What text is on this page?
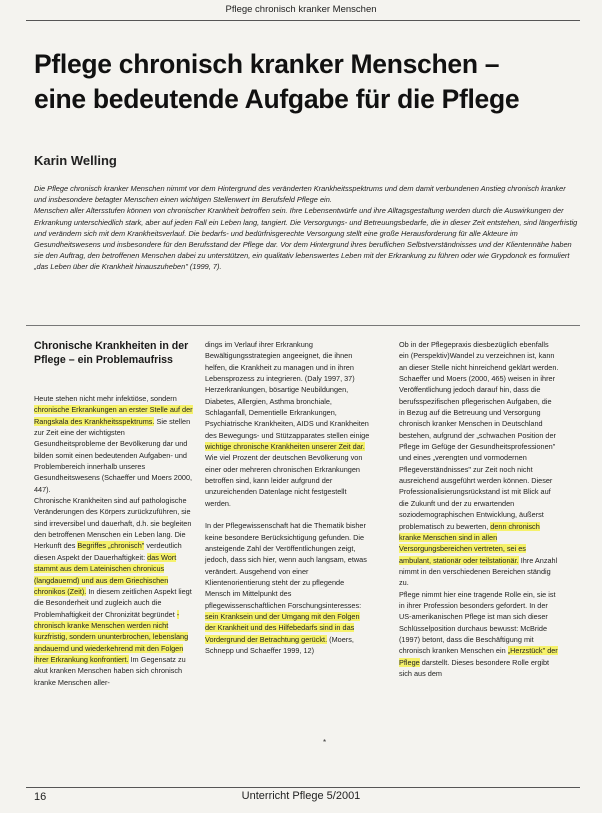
Pflege chronisch kranker Menschen
Pflege chronisch kranker Menschen –
eine bedeutende Aufgabe für die Pflege
Karin Welling

Die Pflege chronisch kranker Menschen nimmt vor dem Hintergrund des veränderten Krankheitsspektrums und dem damit verbundenen Anstieg chronisch kranker und insbesondere betagter Menschen einen wichtigen Stellenwert im Berufsfeld Pflege ein.

Menschen aller Altersstufen können von chronischer Krankheit betroffen sein. Ihre Lebensentwürfe und ihre Alltagsgestaltung werden durch die Auswirkungen der Erkrankung unterschiedlich stark, aber auf jeden Fall ein Leben lang, tangiert. Die Versorgungs- und Betreuungsbedarfe, die in dieser Zeit entstehen, sind längerfristig und verändern sich mit dem Krankheitsverlauf. Die bedarfs- und bedürfnisgerechte Versorgung stellt eine große Herausforderung für alle Akteure im Gesundheitswesens und insbesondere für den Berufsstand der Pflege dar. Vor dem Hintergrund ihres beruflichen Selbstverständnisses und der Klientennähe haben sie den Auftrag, den betroffenen Menschen dabei zu unterstützen, ein qualitativ lebenswertes Leben mit der Erkrankung zu führen oder wie Grypdonck es formuliert „das Leben über die Krankheit hinauszuheben" (1999, 7).

Chronische Krankheiten in der Pflege – ein Problemaufriss

Heute stehen nicht mehr infektiöse, sondern chronische Erkrankungen an erster Stelle auf der Rangskala des Krankheitsspektrums. Sie stellen zur Zeit eine der wichtigsten Gesundheitsprobleme der Bevölkerung dar und bilden somit einen bedeutenden Aufgaben- und Problembereich innerhalb unseres Gesundheitswesens (Schaeffer und Moers 2000, 447).

Chronische Krankheiten sind auf pathologische Veränderungen des Körpers zurückzuführen, sie sind irreversibel und dauerhaft, d.h. sie begleiten den betroffenen Menschen ein Leben lang. Die Herkunft des Begriffes „chronisch" verdeutlich diesen Aspekt der Dauerhaftigkeit: das Wort stammt aus dem Lateinischen chronicus (langdauernd) und aus dem Griechischen chronikos (Zeit). In diesem zeitlichen Aspekt liegt die Besonderheit und zugleich auch die Problemhaftigkeit der Chronizität begründet - chronisch kranke Menschen werden nicht kurzfristig, sondern ununterbrochen, lebenslang andauernd und wiederkehrend mit den Folgen ihrer Erkrankung konfrontiert. Im Gegensatz zu akut kranken Menschen haben sich chronisch kranke Menschen aller-

dings im Verlauf ihrer Erkrankung Bewältigungsstrategien angeeignet, die ihnen helfen, die Krankheit zu managen und in ihren Lebensprozess zu integrieren. (Daly 1997, 37)

Herzerkrankungen, bösartige Neubildungen, Diabetes, Allergien, Asthma bronchiale, Schlaganfall, Dementielle Erkrankungen, Psychiatrische Krankheiten, AIDS und Krankheiten des Bewegungs- und Stützapparates stellen einige wichtige chronische Krankheiten unserer Zeit dar. Wie viel Prozent der deutschen Bevölkerung von einer oder mehreren chronischen Erkrankungen betroffen sind, kann leider aufgrund der unzureichenden Datenlage nicht festgestellt werden.

In der Pflegewissenschaft hat die Thematik bisher keine besondere Berücksichtigung gefunden. Die ansteigende Zahl der Veröffentlichungen zeigt, jedoch, dass sich hier, wenn auch langsam, etwas verändert. Ausgehend von einer Klientenorientierung steht der zu pflegende Mensch im Mittelpunkt des pflegewissenschaftlichen Forschungsinteresses: sein Kranksein und der Umgang mit den Folgen der Krankheit und des Hilfebedarfs sind in das Vordergrund der Betrachtung gerückt. (Moers, Schnepp und Schaeffer 1999, 12)

Ob in der Pflegepraxis diesbezüglich ebenfalls ein (Perspektiv)Wandel zu verzeichnen ist, kann an dieser Stelle nicht hinreichend geklärt werden. Schaeffer und Moers (2000, 465) weisen in ihrer Veröffentlichung jedoch darauf hin, dass die berufsspezifischen pflegerischen Aufgaben, die in Bezug auf die Betreuung und Versorgung chronisch kranker Menschen in Deutschland bestehen, aufgrund der „schwachen Position der Pflege im Gefüge der Gesundheitsprofessionen" und eines „verengten und vormodernen Pflegeverständnisses" zur Zeit noch nicht ausreichend ausgeführt werden können. Dieser Professionalisierungsrückstand ist mit Blick auf die Zukunft und der zu erwartenden soziodemographischen Entwicklung, äußerst problematisch zu bewerten, denn chronisch kranke Menschen sind in allen Versorgungsbereichen vertreten, sei es ambulant, stationär oder teilstationär. Ihre Anzahl nimmt in den verschiedenen Bereichen ständig zu.

Pflege nimmt hier eine tragende Rolle ein, sie ist in ihrer Profession besonders gefordert. In der US-amerikanischen Pflege ist man sich dieser Schlüsselposition durchaus bewusst: McBride (1997) betont, dass die Beschäftigung mit chronisch kranken Menschen ein „Herzstück" der Pflege darstellt. Dieses besondere Rolle ergibt sich aus dem

*
16	Unterricht Pflege 5/2001
